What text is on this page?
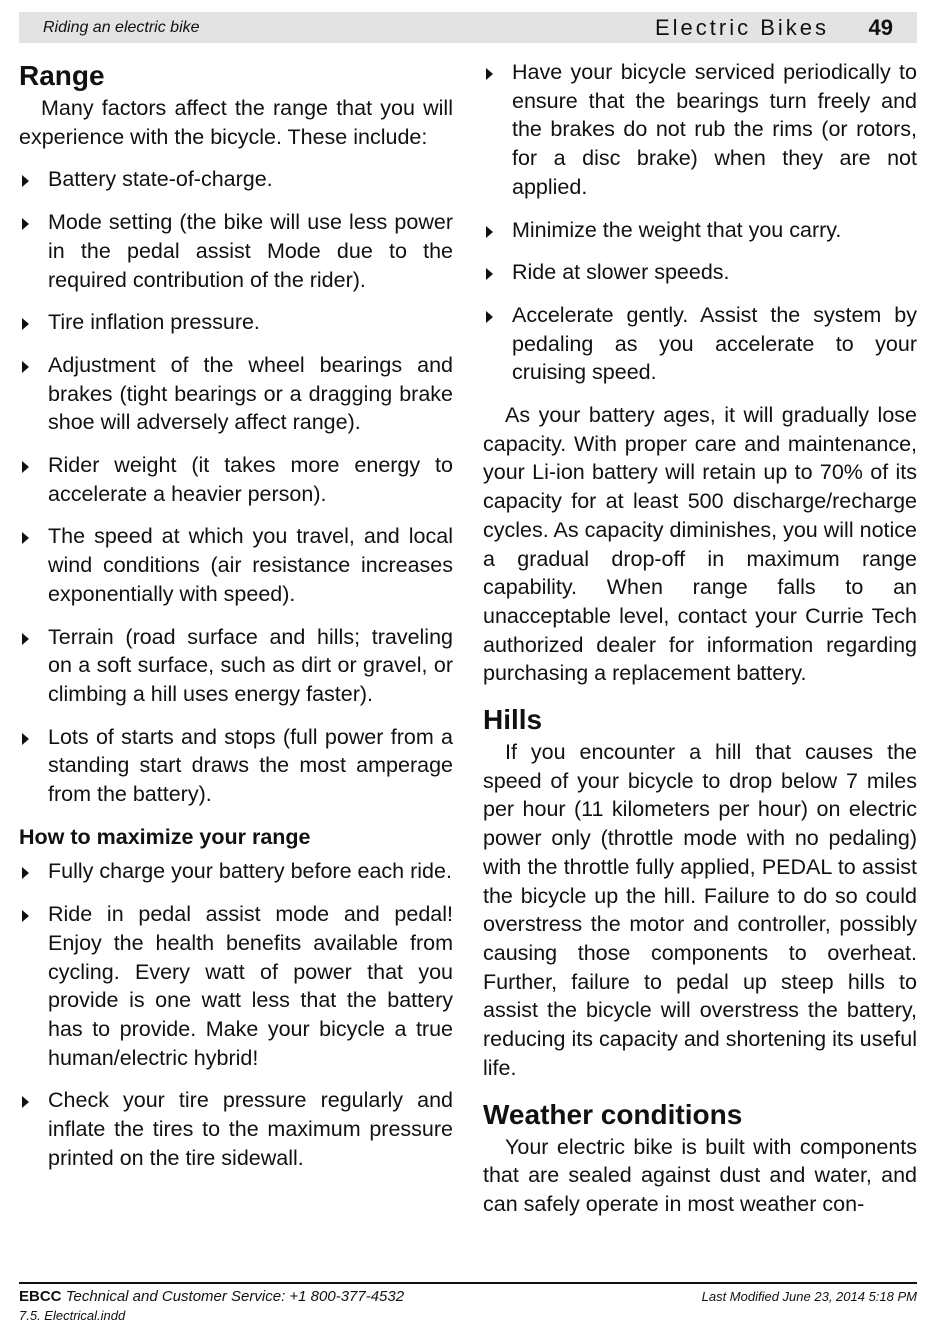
Riding an electric bike	Electric Bikes 49
Range

Many factors affect the range that you will experience with the bicycle. These include:

Battery state-of-charge.
Mode setting (the bike will use less power in the pedal assist Mode due to the required contribution of the rider).
Tire inflation pressure.
Adjustment of the wheel bearings and brakes (tight bearings or a dragging brake shoe will adversely affect range).
Rider weight (it takes more energy to accelerate a heavier person).
The speed at which you travel, and local wind conditions (air resistance increases exponentially with speed).
Terrain (road surface and hills; traveling on a soft surface, such as dirt or gravel, or climbing a hill uses energy faster).
Lots of starts and stops (full power from a standing start draws the most amperage from the battery).
How to maximize your range
Fully charge your battery before each ride.
Ride in pedal assist mode and pedal! Enjoy the health benefits available from cycling. Every watt of power that you provide is one watt less that the battery has to provide. Make your bicycle a true human/electric hybrid!
Check your tire pressure regularly and inflate the tires to the maximum pressure printed on the tire sidewall.
Have your bicycle serviced periodically to ensure that the bearings turn freely and the brakes do not rub the rims (or rotors, for a disc brake) when they are not applied.
Minimize the weight that you carry.
Ride at slower speeds.
Accelerate gently. Assist the system by pedaling as you accelerate to your cruising speed.

As your battery ages, it will gradually lose capacity. With proper care and maintenance, your Li-ion battery will retain up to 70% of its capacity for at least 500 discharge/recharge cycles. As capacity diminishes, you will notice a gradual drop-off in maximum range capability. When range falls to an unacceptable level, contact your Currie Tech authorized dealer for information regarding purchasing a replacement battery.

Hills

If you encounter a hill that causes the speed of your bicycle to drop below 7 miles per hour (11 kilometers per hour) on electric power only (throttle mode with no pedaling) with the throttle fully applied, PEDAL to assist the bicycle up the hill. Failure to do so could overstress the motor and controller, possibly causing those components to overheat. Further, failure to pedal up steep hills to assist the bicycle will overstress the battery, reducing its capacity and shortening its useful life.

Weather conditions

Your electric bike is built with components that are sealed against dust and water, and can safely operate in most weather con-

EBCC Technical and Customer Service: +1 800-377-4532
7.5. Electrical.indd
Last Modified June 23, 2014 5:18 PM
